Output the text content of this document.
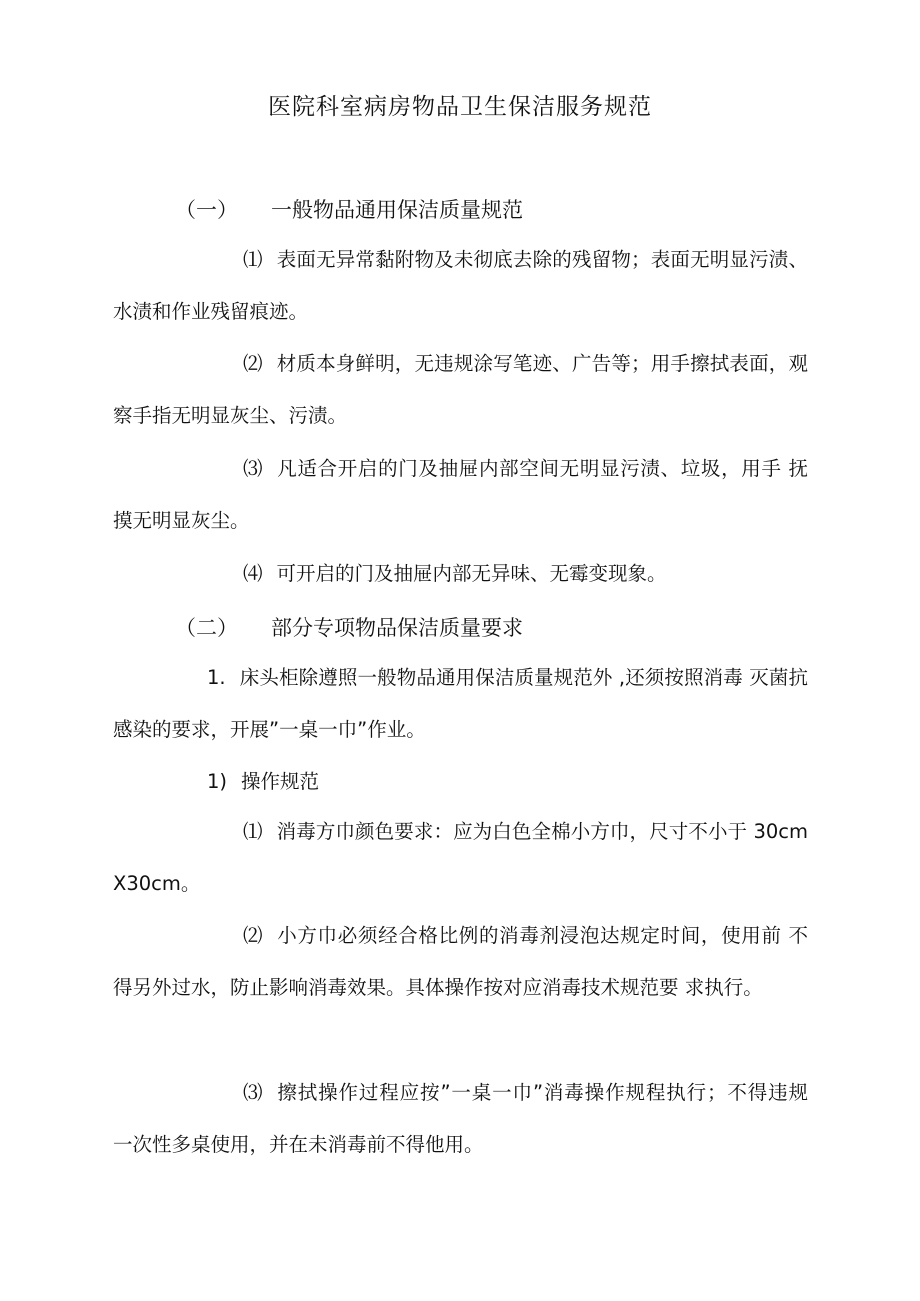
医院科室病房物品卫生保洁服务规范
（一） 一般物品通用保洁质量规范
⑴ 表面无异常黏附物及未彻底去除的残留物；表面无明显污渍、水渍和作业残留痕迹。
⑵ 材质本身鲜明，无违规涂写笔迹、广告等；用手擦拭表面，观察手指无明显灰尘、污渍。
⑶ 凡适合开启的门及抽屉内部空间无明显污渍、垃圾，用手 抚摸无明显灰尘。
⑷ 可开启的门及抽屉内部无异味、无霉变现象。
（二） 部分专项物品保洁质量要求
1. 床头柜除遵照一般物品通用保洁质量规范外 ,还须按照消毒 灭菌抗感染的要求，开展”一桌一巾”作业。
1) 操作规范
⑴ 消毒方巾颜色要求：应为白色全棉小方巾，尺寸不小于 30cm X30cm。
⑵ 小方巾必须经合格比例的消毒剂浸泡达规定时间，使用前 不得另外过水，防止影响消毒效果。具体操作按对应消毒技术规范要 求执行。
⑶ 擦拭操作过程应按”一桌一巾”消毒操作规程执行；不得违规 一次性多桌使用，并在未消毒前不得他用。
